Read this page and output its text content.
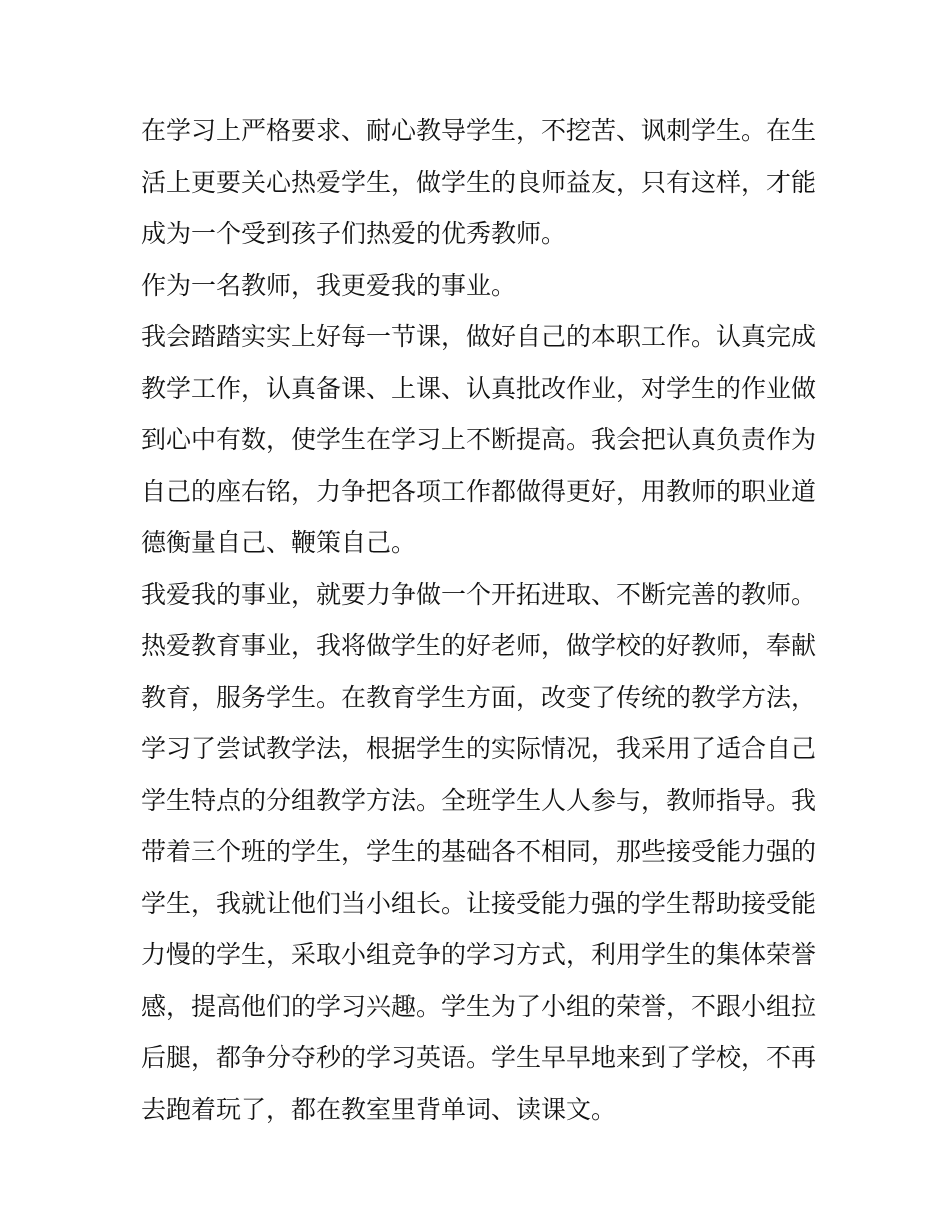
在学习上严格要求、耐心教导学生，不挖苦、讽刺学生。在生
活上更要关心热爱学生，做学生的良师益友，只有这样，才能
成为一个受到孩子们热爱的优秀教师。
作为一名教师，我更爱我的事业。
我会踏踏实实上好每一节课，做好自己的本职工作。认真完成
教学工作，认真备课、上课、认真批改作业，对学生的作业做
到心中有数，使学生在学习上不断提高。我会把认真负责作为
自己的座右铭，力争把各项工作都做得更好，用教师的职业道
德衡量自己、鞭策自己。
我爱我的事业，就要力争做一个开拓进取、不断完善的教师。
热爱教育事业，我将做学生的好老师，做学校的好教师，奉献
教育，服务学生。在教育学生方面，改变了传统的教学方法，
学习了尝试教学法，根据学生的实际情况，我采用了适合自己
学生特点的分组教学方法。全班学生人人参与，教师指导。我
带着三个班的学生，学生的基础各不相同，那些接受能力强的
学生，我就让他们当小组长。让接受能力强的学生帮助接受能
力慢的学生，采取小组竞争的学习方式，利用学生的集体荣誉
感，提高他们的学习兴趣。学生为了小组的荣誉，不跟小组拉
后腿，都争分夺秒的学习英语。学生早早地来到了学校，不再
去跑着玩了，都在教室里背单词、读课文。
